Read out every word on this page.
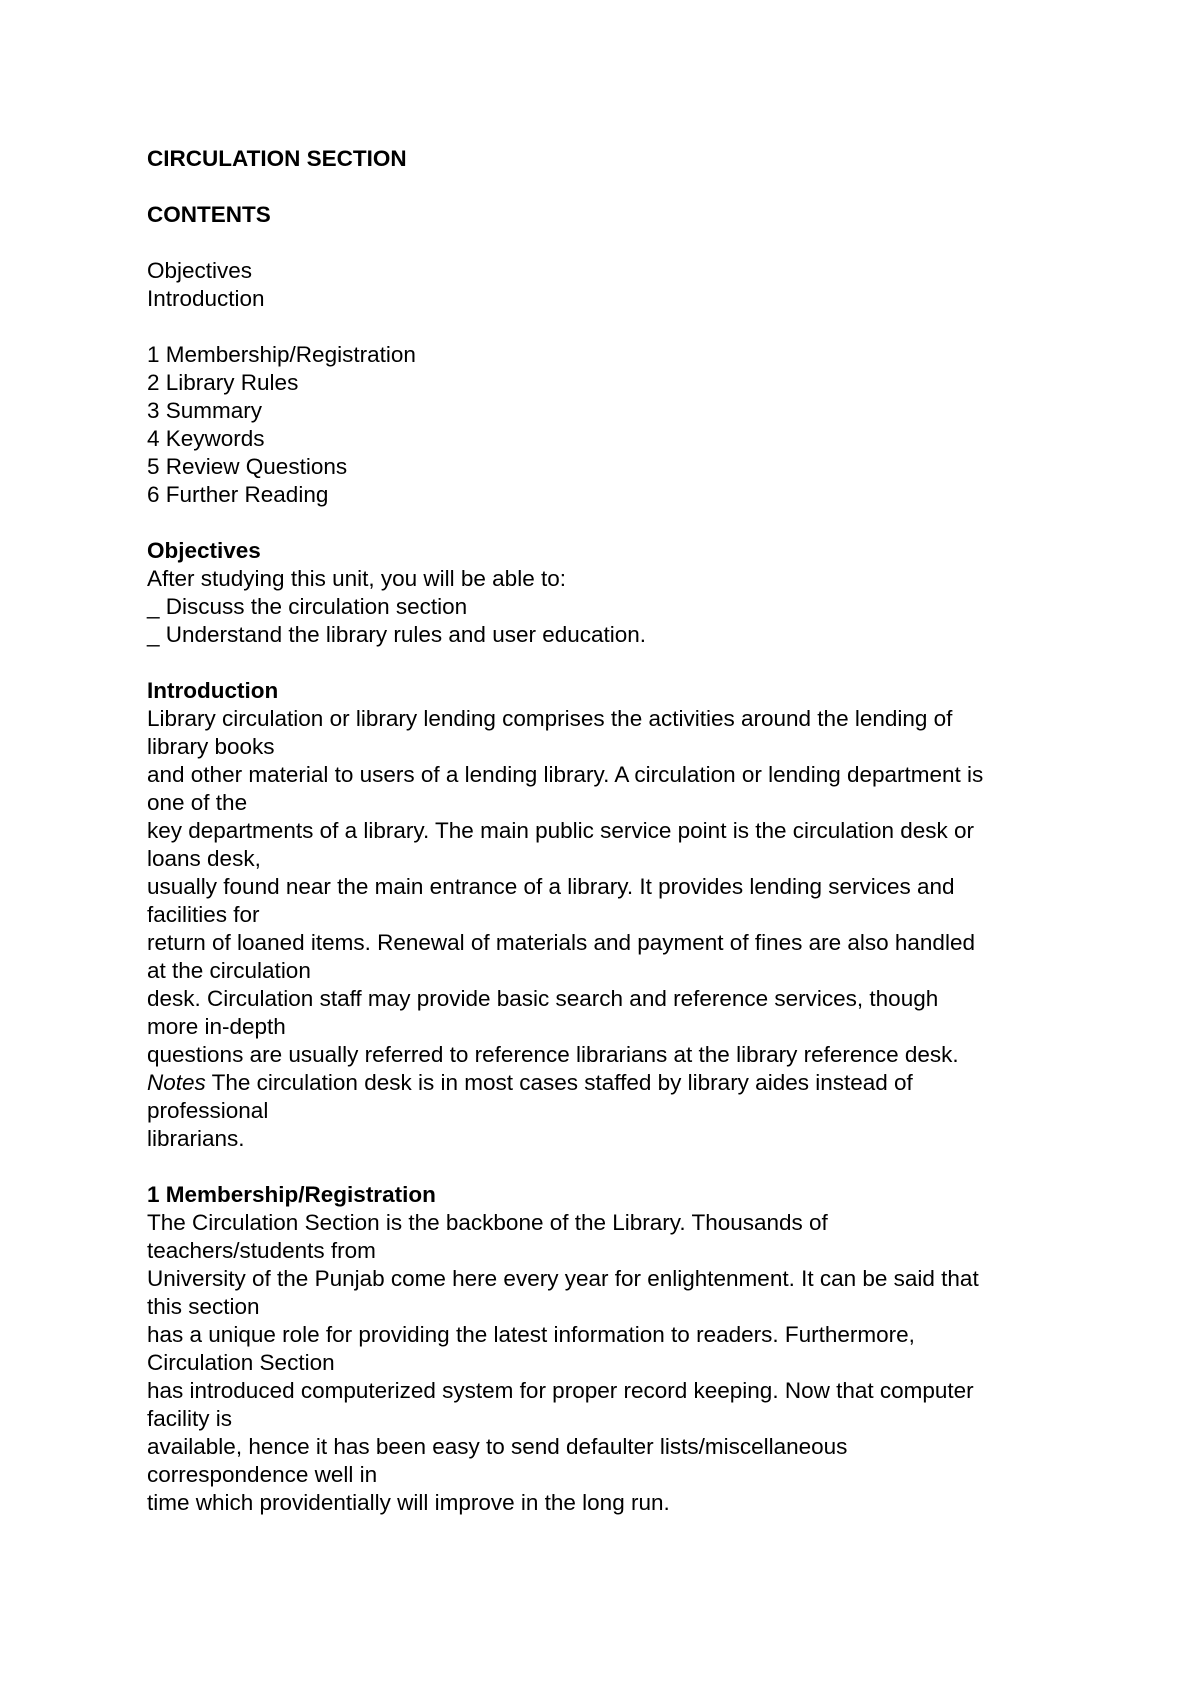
CIRCULATION SECTION
CONTENTS
Objectives
Introduction
1 Membership/Registration
2 Library Rules
3 Summary
4 Keywords
5 Review Questions
6 Further Reading
Objectives
After studying this unit, you will be able to:
_ Discuss the circulation section
_ Understand the library rules and user education.
Introduction
Library circulation or library lending comprises the activities around the lending of
library books
and other material to users of a lending library. A circulation or lending department is
one of the
key departments of a library. The main public service point is the circulation desk or
loans desk,
usually found near the main entrance of a library. It provides lending services and
facilities for
return of loaned items. Renewal of materials and payment of fines are also handled
at the circulation
desk. Circulation staff may provide basic search and reference services, though
more in-depth
questions are usually referred to reference librarians at the library reference desk.
Notes The circulation desk is in most cases staffed by library aides instead of
professional
librarians.
1 Membership/Registration
The Circulation Section is the backbone of the Library. Thousands of
teachers/students from
University of the Punjab come here every year for enlightenment. It can be said that
this section
has a unique role for providing the latest information to readers. Furthermore,
Circulation Section
has introduced computerized system for proper record keeping. Now that computer
facility is
available, hence it has been easy to send defaulter lists/miscellaneous
correspondence well in
time which providentially will improve in the long run.
